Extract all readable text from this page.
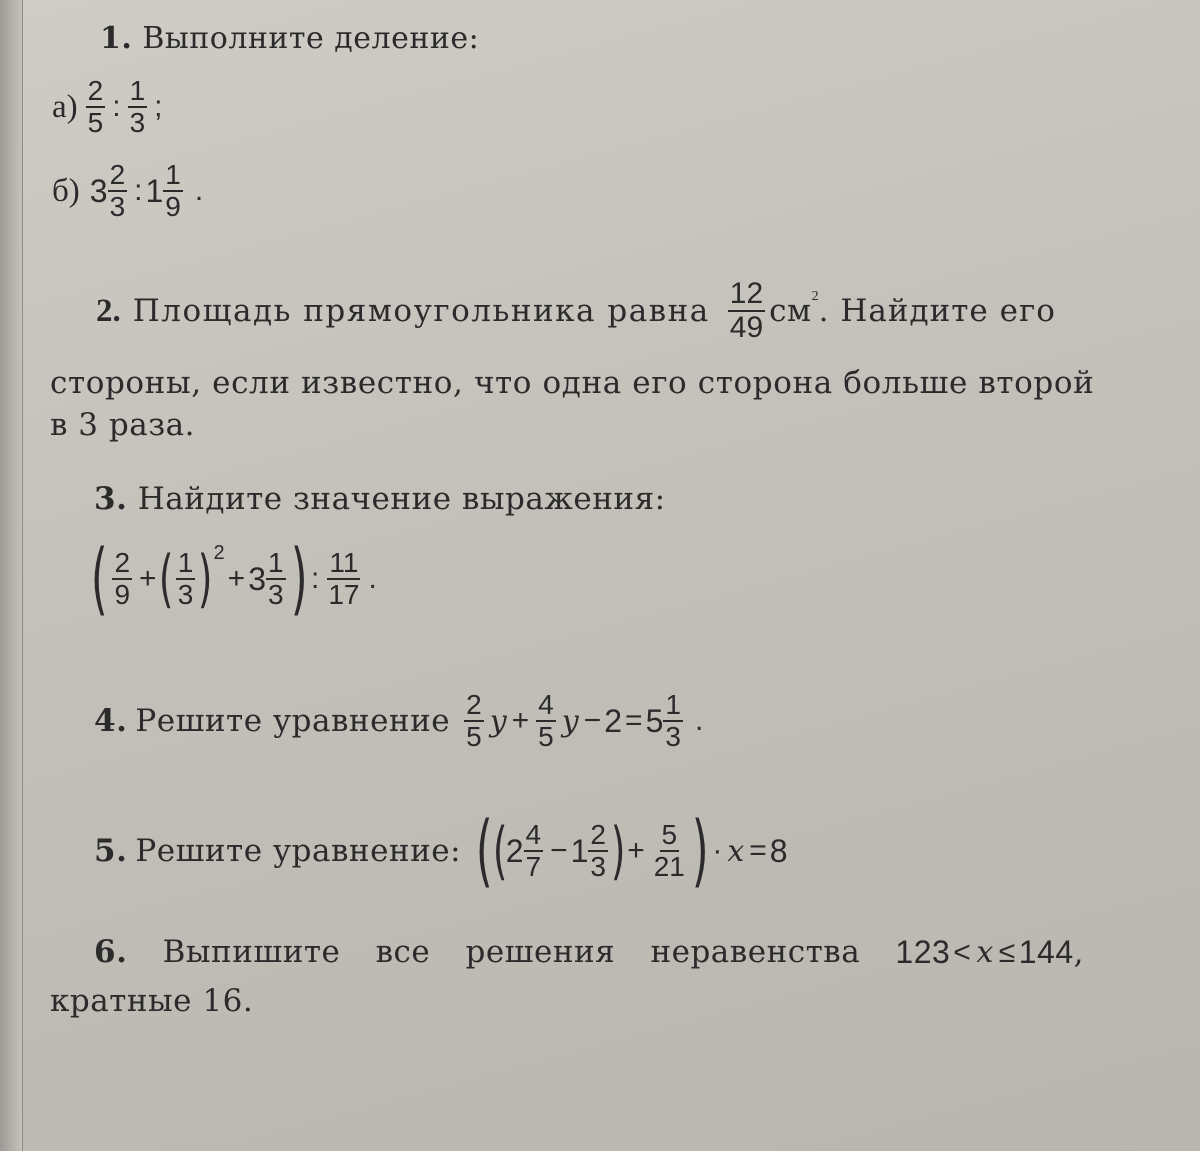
1. Выполните деление:
$а) \frac{2}{5}$ : $\frac{1}{3}$ ;
б) $3 \frac{2}{3}$ : $1 \frac{1}{9}$ .
2. Площадь прямоугольника равна $\frac{12}{49}$ см 2 . Найдите его
стороны, если известно, что одна его сторона больше второй
в 3 раза.
3. Найдите значение выражения:
( $\frac{2}{9}$ + ( $\frac{1}{3}$ ) 2
+ $3 \frac{1}{3}$ ) : $\frac{11}{17}$ .
4. Решите уравнение $\frac{2}{5}$ $y + \frac{4}{5}$ $y - 2 = 5 \frac{1}{3}$ .
5. Решите уравнение: ( (
$2 \frac{4}{7} - 1 \frac{2}{3}$ ) + $\frac{5}{21}$ ) · x = 8
6. Выпишите все решения неравенства 123 < x ≤ 144 ,
кратные 16.
